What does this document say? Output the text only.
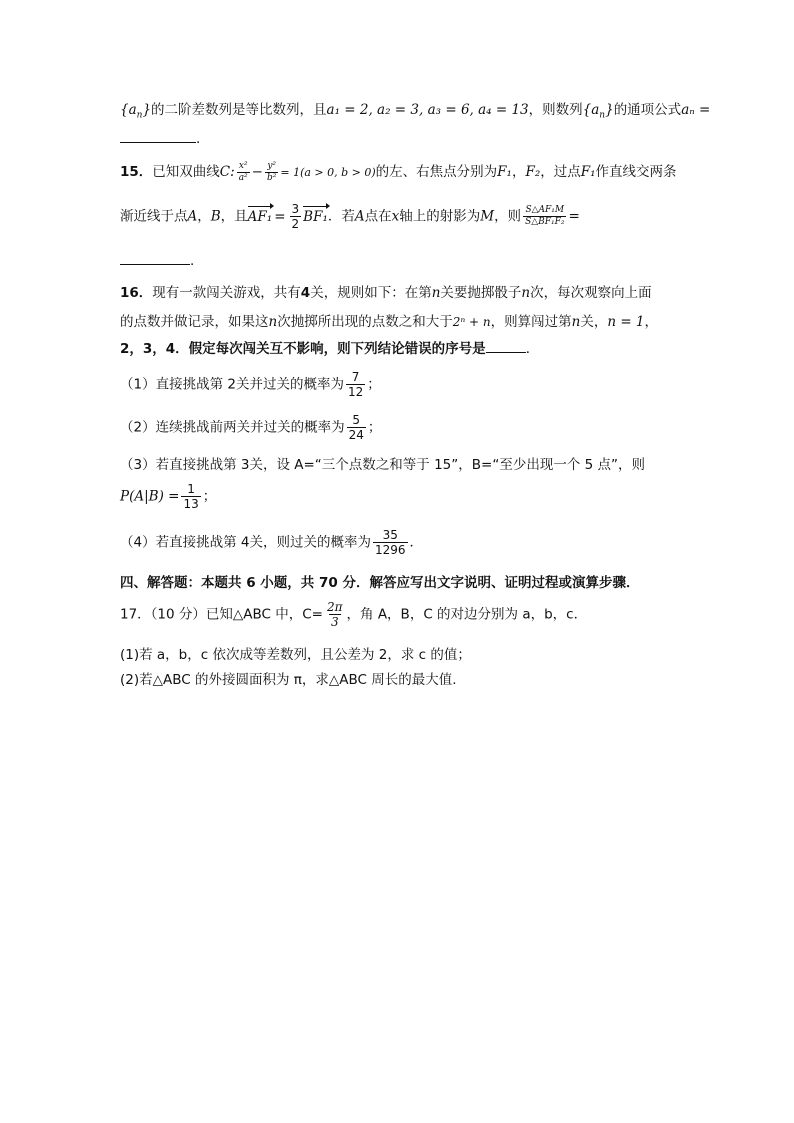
$\{a_n\}$的二阶差数列是等比数列，且a₁ = 2, a₂ = 3, a₃ = 6, a₄ = 13，则数列$\{a_n\}$的通项公式aₙ =
.
15．已知双曲线C: $\frac{\text{x²}}{\text{a²}} - \frac{\text{y²}}{\text{b²}} = 1(a > 0$, b > 0)的左、右焦点分别为F₁，F₂，过点F₁作直线交两条
渐近线于点A，B，且$AF_1 = \frac{3}{2} BF_1$．若A点在x轴上的射影为M，则 $\frac{\text{S△AF₁M}}{\text{S△BF₁F₂}}$ =
.
16．现有一款闯关游戏，共有4关，规则如下：在第n关要抛掷骰子n次，每次观察向上面
的点数并做记录，如果这n次抛掷所出现的点数之和大于2ⁿ + n，则算闯过第n关，n = 1，
2，3，4．假定每次闯关互不影响，则下列结论错误的序号是	．
（1）直接挑战第 2关并过关的概率为 $\frac{7}{12}$ ；
（2）连续挑战前两关并过关的概率为 $\frac{5}{24}$ ；
（3）若直接挑战第 3关，设 A=“三个点数之和等于 15”，B=“至少出现一个 5 点”，则
$P(A|B) = \frac{1}{13}$ ；
（4）若直接挑战第 4关，则过关的概率为 $\frac{35}{1296}$ ．
四、解答题：本题共 6 小题，共 70 分．解答应写出文字说明、证明过程或演算步骤．
17．（10 分）已知△ABC 中，$C= \frac{2\pi}{3}$ ，角 A，B，C 的对边分别为 a，b，c．
(1)若 a，b，c 依次成等差数列，且公差为 2，求 c 的值；
(2)若△ABC 的外接圆面积为 π，求△ABC 周长的最大值.
